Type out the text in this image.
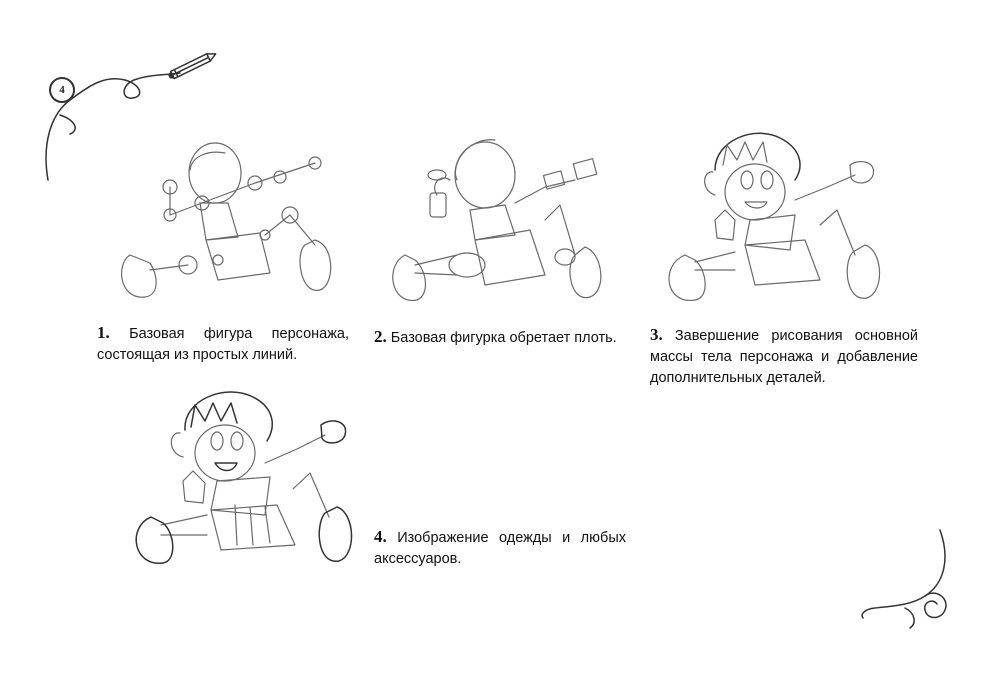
4
1. Базовая фигура персонажа, состоящая из простых линий.
2. Базовая фигурка обретает плоть.	3. Завершение рисования основной массы тела персонажа и добавление дополнительных деталей.
4. Изображение одежды и любых аксессуаров.
